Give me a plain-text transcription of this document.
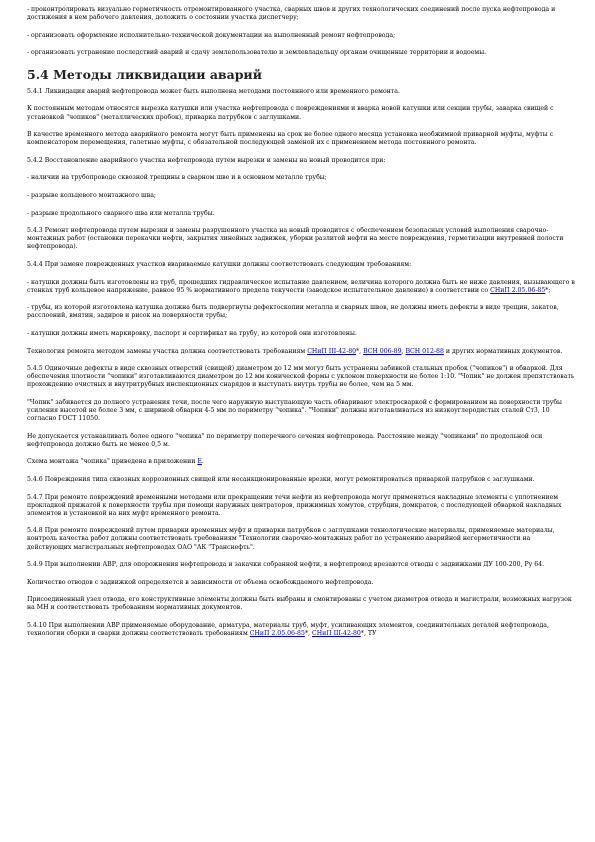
- проконтролировать визуально герметичность отремонтированного участка, сварных швов и других технологических соединений после пуска нефтепровода и достижения в нем рабочего давления, доложить о состоянии участка диспетчеру;

- организовать оформление исполнительно-технической документации на выполненный ремонт нефтепровода;

- организовать устранение последствий аварий и сдачу землепользователю и землевладельцу органам очищенные территории и водоемы.

5.4 Методы ликвидации аварий

5.4.1 Ликвидация аварий нефтепровода может быть выполнена методами постоянного или временного ремонта.

К постоянным методам относятся вырезка катушки или участка нефтепровода с повреждениями и вварка новой катушки или секции трубы, заварка свищей с установкой "чопиков" (металлических пробок), приварка патрубков с заглушками.

В качестве временного метода аварийного ремонта могут быть применены на срок не более одного месяца установка необжимной приварной муфты, муфты с компенсатором перемещения, галетные муфты, с обязательной последующей заменой их с применением метода постоянного ремонта.

5.4.2 Восстановление аварийного участка нефтепровода путем вырезки и замены на новый проводится при:

- наличии на трубопроводе сквозной трещины в сварном шве и в основном металле трубы;

- разрыве кольцевого монтажного шва;

- разрыве продольного сварного шва или металла трубы.

5.4.3 Ремонт нефтепровода путем вырезки и замены разрушенного участка на новый проводится с обеспечением безопасных условий выполнения сварочно-монтажных работ (остановки перекачки нефти, закрытия линейных задвижек, уборки разлитой нефти на месте повреждения, герметизации внутренней полости нефтепровода).

5.4.4 При замене поврежденных участков ввариваемые катушки должны соответствовать следующим требованиям:

- катушки должны быть изготовлены из труб, прошедших гидравлическое испытание давлением, величина которого должна быть не ниже давления, вызывающего в стенках труб кольцевое напряжение, равное 95 % нормативного предела текучести (заводское испытательное давление) в соответствии со СНиП 2.05.06-85*;

- трубы, из которой изготовлена катушка должна быть подвергнуты дефектоскопии металла и сварных швов, не должны иметь дефекты в виде трещин, закатов, расслоений, вмятин, задиров и рисок на поверхности трубы;

- катушки должны иметь маркировку, паспорт и сертификат на трубу, из которой они изготовлены.

Технология ремонта методом замены участка должна соответствовать требованиям СНиП III-42-80*, ВСН 006-89, ВСН 012-88 и других нормативных документов.

5.4.5 Одиночные дефекты в виде сквозных отверстий (свищей) диаметром до 12 мм могут быть устранены забивкой стальных пробок ("чопиков") и обваркой. Для обеспечения плотности "чопики" изготавливаются диаметром до 12 мм конической формы с уклоном поверхности не более 1:10. "Чопик" не должен препятствовать прохождению очистных и внутритрубных инспекционных снарядов и выступать внутрь трубы не более, чем на 5 мм.

"Чопик" забивается до полного устранения течи, после чего наружную выступающую часть обваривают электросваркой с формированием на поверхности трубы усиления высотой не более 3 мм, с шириной обварки 4-5 мм по периметру "чопика". "Чопики" должны изготавливаться из низкоуглеродистых сталей Ст3, 10 согласно ГОСТ 11050.

Не допускается устанавливать более одного "чопика" по периметру поперечного сечения нефтепровода. Расстояние между "чопиками" по продольной оси нефтепровода должно быть не менее 0,5 м.

Схема монтажа "чопика" приведена в приложении Е.

5.4.6 Повреждения типа сквозных коррозионных свищей или несанкционированные врезки, могут ремонтироваться приваркой патрубков с заглушками.

5.4.7 При ремонте повреждений временными методами или прекращении течи нефти из нефтепровода могут применяться накладные элементы с уплотнением прокладкой прижатой к поверхности трубы при помощи наружных центраторов, прижимных хомутов, струбцин, домкратов, с последующей обваркой накладных элементов и установкой на них муфт временного ремонта.

5.4.8 При ремонте повреждений путем приварки временных муфт и приварки патрубков с заглушками технологические материалы, применяемые материалы, контроль качества работ должны соответствовать требованиям "Технологии сварочно-монтажных работ по устранению аварийной негерметичности на действующих магистральных нефтепроводах ОАО "АК "Транснефть".

5.4.9 При выполнении АВР, для опорожнения нефтепровода и закачки собранной нефти, в нефтепровод врезаются отводы с задвижками ДУ 100-200, Ру 64.

Количество отводов с задвижкой определяется в зависимости от объема освобождаемого нефтепровода.

Присоединенный узел отвода, его конструктивные элементы должны быть выбраны и смонтированы с учетом диаметров отвода и магистрали, возможных нагрузок на МН и соответствовать требованиям нормативных документов.

5.4.10 При выполнении АВР применяемые оборудование, арматура, материалы труб, муфт, усиливающих элементов, соединительных деталей нефтепровода, технологии сборки и сварки должны соответствовать требованиям СНиП 2.05.06-85*, СНиП III-42-80*, ТУ
